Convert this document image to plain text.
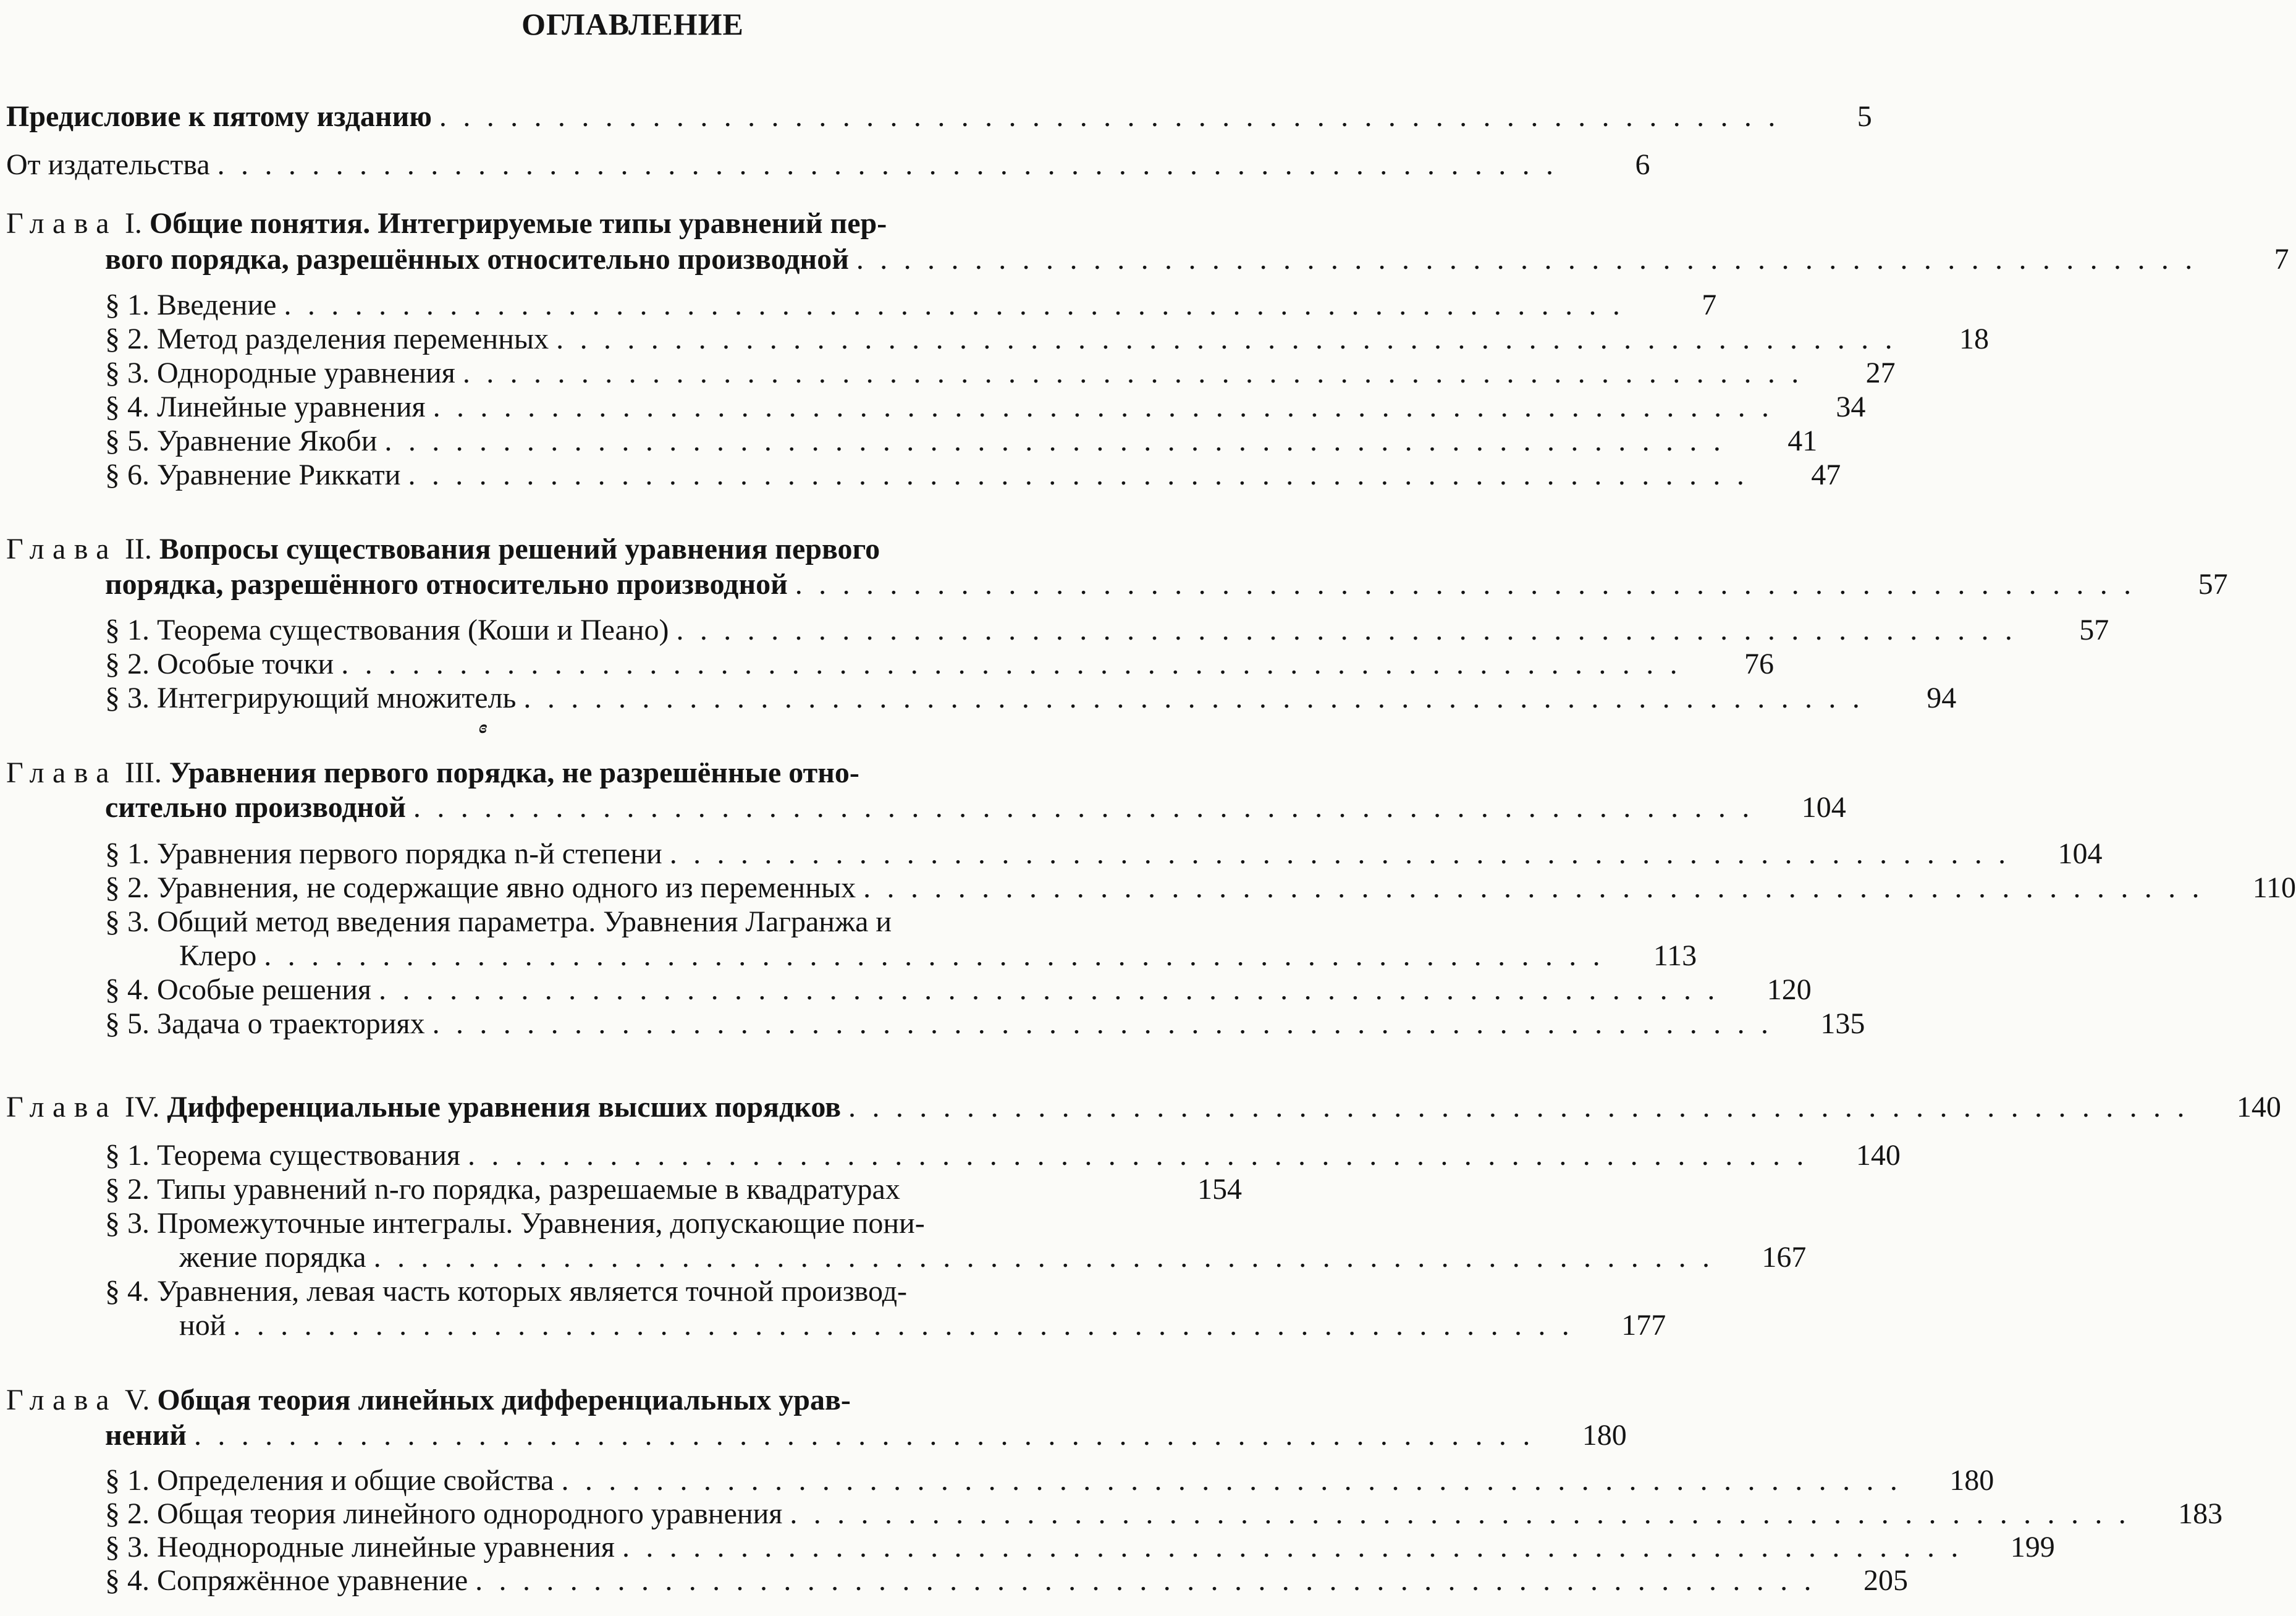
ОГЛАВЛЕНИЕ
Предисловие к пятому изданию .........................................................	5
От издательства .........................................................	6
Глава I. Общие понятия. Интегрируемые типы уравнений пер-
вого порядка, разрешённых относительно производной .........................................................	7
§ 1. Введение .........................................................	7
§ 2. Метод разделения переменных .........................................................	18
§ 3. Однородные уравнения .........................................................	27
§ 4. Линейные уравнения .........................................................	34
§ 5. Уравнение Якоби .........................................................	41
§ 6. Уравнение Риккати .........................................................	47
Глава II. Вопросы существования решений уравнения первого
порядка, разрешённого относительно производной .........................................................	57
§ 1. Теорема существования (Коши и Пеано) .........................................................	57
§ 2. Особые точки .........................................................	76
§ 3. Интегрирующий множитель .........................................................	94
ɞ
Глава III. Уравнения первого порядка, не разрешённые отно-
сительно производной .........................................................	104
§ 1. Уравнения первого порядка n-й степени .........................................................	104
§ 2. Уравнения, не содержащие явно одного из переменных .........................................................	110
§ 3. Общий метод введения параметра. Уравнения Лагранжа и
Клеро .........................................................	113
§ 4. Особые решения .........................................................	120
§ 5. Задача о траекториях .........................................................	135
Глава IV. Дифференциальные уравнения высших порядков .........................................................	140
§ 1. Теорема существования .........................................................	140
§ 2. Типы уравнений n-го порядка, разрешаемые в квадратурах	154
§ 3. Промежуточные интегралы. Уравнения, допускающие пони-
жение порядка .........................................................	167
§ 4. Уравнения, левая часть которых является точной производ-
ной .........................................................	177
Глава V. Общая теория линейных дифференциальных урав-
нений .........................................................	180
§ 1. Определения и общие свойства .........................................................	180
§ 2. Общая теория линейного однородного уравнения .........................................................	183
§ 3. Неоднородные линейные уравнения .........................................................	199
§ 4. Сопряжённое уравнение .........................................................	205
